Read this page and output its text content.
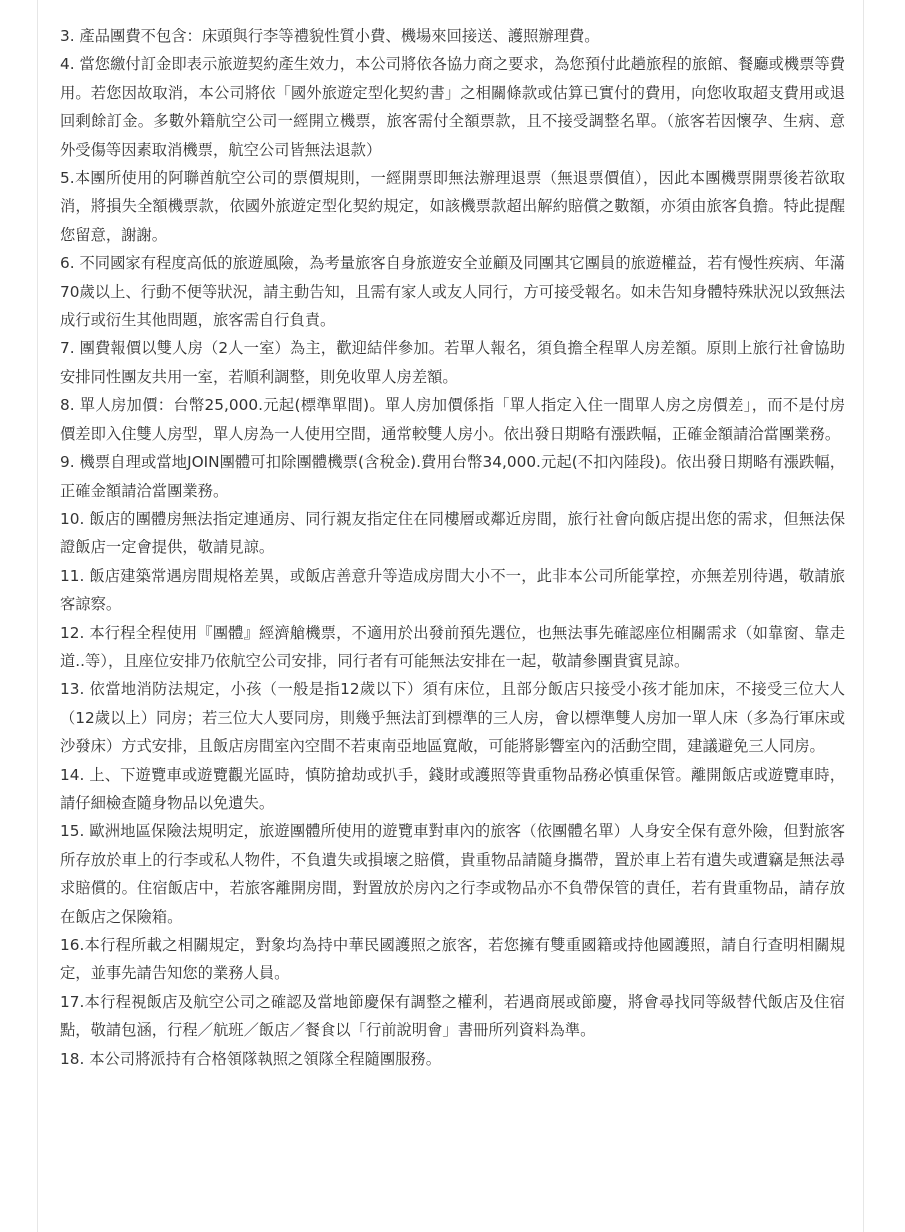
3. 產品團費不包含：床頭與行李等禮貌性質小費、機場來回接送、護照辦理費。
4. 當您繳付訂金即表示旅遊契約產生效力，本公司將依各協力商之要求，為您預付此趟旅程的旅館、餐廳或機票等費用。若您因故取消，本公司將依「國外旅遊定型化契約書」之相關條款或估算已實付的費用，向您收取超支費用或退回剩餘訂金。多數外籍航空公司一經開立機票，旅客需付全額票款，且不接受調整名單。（旅客若因懷孕、生病、意外受傷等因素取消機票，航空公司皆無法退款）
5.本團所使用的阿聯酋航空公司的票價規則，一經開票即無法辦理退票（無退票價值），因此本團機票開票後若欲取消，將損失全額機票款，依國外旅遊定型化契約規定，如該機票款超出解約賠償之數額，亦須由旅客負擔。特此提醒您留意，謝謝。
6. 不同國家有程度高低的旅遊風險，為考量旅客自身旅遊安全並顧及同團其它團員的旅遊權益，若有慢性疾病、年滿70歲以上、行動不便等狀況，請主動告知，且需有家人或友人同行，方可接受報名。如未告知身體特殊狀況以致無法成行或衍生其他問題，旅客需自行負責。
7. 團費報價以雙人房（2人一室）為主，歡迎結伴參加。若單人報名，須負擔全程單人房差額。原則上旅行社會協助安排同性團友共用一室，若順利調整，則免收單人房差額。
8. 單人房加價：台幣25,000.元起(標準單間)。單人房加價係指「單人指定入住一間單人房之房價差」，而不是付房價差即入住雙人房型，單人房為一人使用空間，通常較雙人房小。依出發日期略有漲跌幅，正確金額請洽當團業務。
9. 機票自理或當地JOIN團體可扣除團體機票(含稅金).費用台幣34,000.元起(不扣內陸段)。依出發日期略有漲跌幅，正確金額請洽當團業務。
10. 飯店的團體房無法指定連通房、同行親友指定住在同樓層或鄰近房間，旅行社會向飯店提出您的需求，但無法保證飯店一定會提供，敬請見諒。
11. 飯店建築常遇房間規格差異，或飯店善意升等造成房間大小不一，此非本公司所能掌控，亦無差別待遇，敬請旅客諒察。
12. 本行程全程使用『團體』經濟艙機票，不適用於出發前預先選位，也無法事先確認座位相關需求（如靠窗、靠走道..等），且座位安排乃依航空公司安排，同行者有可能無法安排在一起，敬請參團貴賓見諒。
13. 依當地消防法規定，小孩（一般是指12歲以下）須有床位，且部分飯店只接受小孩才能加床，不接受三位大人（12歲以上）同房；若三位大人要同房，則幾乎無法訂到標準的三人房，會以標準雙人房加一單人床（多為行軍床或沙發床）方式安排，且飯店房間室內空間不若東南亞地區寬敞，可能將影響室內的活動空間，建議避免三人同房。
14. 上、下遊覽車或遊覽觀光區時，慎防搶劫或扒手，錢財或護照等貴重物品務必慎重保管。離開飯店或遊覽車時，請仔細檢查隨身物品以免遺失。
15. 歐洲地區保險法規明定，旅遊團體所使用的遊覽車對車內的旅客（依團體名單）人身安全保有意外險，但對旅客所存放於車上的行李或私人物件，不負遺失或損壞之賠償，貴重物品請隨身攜帶，置於車上若有遺失或遭竊是無法尋求賠償的。住宿飯店中，若旅客離開房間，對置放於房內之行李或物品亦不負帶保管的責任，若有貴重物品，請存放在飯店之保險箱。
16.本行程所載之相關規定，對象均為持中華民國護照之旅客，若您擁有雙重國籍或持他國護照，請自行查明相關規定，並事先請告知您的業務人員。
17.本行程視飯店及航空公司之確認及當地節慶保有調整之權利，若遇商展或節慶，將會尋找同等級替代飯店及住宿點，敬請包涵，行程／航班／飯店／餐食以「行前說明會」書冊所列資料為準。
18. 本公司將派持有合格領隊執照之領隊全程隨團服務。
